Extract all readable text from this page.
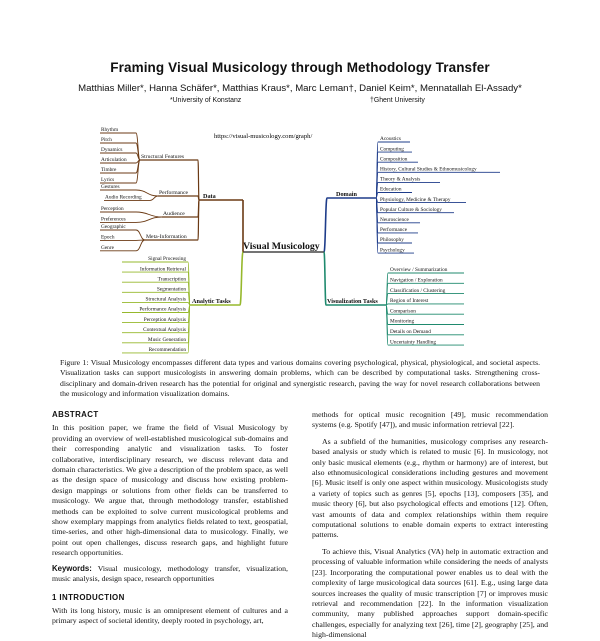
Framing Visual Musicology through Methodology Transfer
Matthias Miller*, Hanna Schäfer*, Matthias Kraus*, Marc Leman†, Daniel Keim*, Mennatallah El-Assady*
*University of Konstanz	†Ghent University
https://visual-musicology.com/graph/
Visual Musicology
Data
Structural Features
Rhythm
Pitch
Dynamics
Articulation
Timbre
Lyrics
Performance
Gestures
Audio Recording
Audience
Perception
Preferences
Meta-Information
Geographic
Epoch
Genre
Domain
Acoustics
Computing
Composition
History, Cultural Studies & Ethnomusicology
Theory & Analysis
Education
Physiology, Medicine & Therapy
Popular Culture & Sociology
Neuroscience
Performance
Philosophy
Psychology
Analytic Tasks
Signal Processing
Information Retrieval
Transcription
Segmentation
Structural Analysis
Performance Analysis
Perception Analysis
Contextual Analysis
Music Generation
Recommendation
Visualization Tasks
Overview / Summarization
Navigation / Exploration
Classification / Clustering
Region of Interest
Comparison
Monitoring
Details on Demand
Uncertainty Handling
Figure 1: Visual Musicology encompasses different data types and various domains covering psychological, physical, physiological, and societal aspects. Visualization tasks can support musicologists in answering domain problems, which can be described by computational tasks. Strengthening cross-disciplinary and domain-driven research has the potential for original and synergistic research, paving the way for novel research collaborations between the musicology and information visualization domains.
ABSTRACT

In this position paper, we frame the field of Visual Musicology by providing an overview of well-established musicological sub-domains and their corresponding analytic and visualization tasks. To foster collaborative, interdisciplinary research, we discuss relevant data and domain characteristics. We give a description of the problem space, as well as the design space of musicology and discuss how existing problem-design mappings or solutions from other fields can be transferred to musicology. We argue that, through methodology transfer, established methods can be exploited to solve current musicological problems and show exemplary mappings from analytics fields related to text, geospatial, time-series, and other high-dimensional data to musicology. Finally, we point out open challenges, discuss research gaps, and highlight future research opportunities.

Keywords: Visual musicology, methodology transfer, visualization, music analysis, design space, research opportunities

1 INTRODUCTION

With its long history, music is an omnipresent element of cultures and a primary aspect of societal identity, deeply rooted in psychology, art,

methods for optical music recognition [49], music recommendation systems (e.g. Spotify [47]), and music information retrieval [22].

As a subfield of the humanities, musicology comprises any research-based analysis or study which is related to music [6]. In musicology, not only basic musical elements (e.g., rhythm or harmony) are of interest, but also ethnomusicological considerations including gestures and movement [6]. Music itself is only one aspect within musicology. Musicologists study a variety of topics such as genres [5], epochs [13], composers [35], and music theory [6], but also psychological effects and emotions [12]. Often, vast amounts of data and complex relationships within them require computational solutions to enable domain experts to extract interesting patterns.

To achieve this, Visual Analytics (VA) help in automatic extraction and processing of valuable information while considering the needs of analysts [23]. Incorporating the computational power enables us to deal with the complexity of large musicological data sources [61]. E.g., using large data sources increases the quality of music transcription [7] or improves music retrieval and recommendation [22]. In the information visualization community, many published approaches support domain-specific challenges, especially for analyzing text [26], time [2], geography [25], and high-dimensional
